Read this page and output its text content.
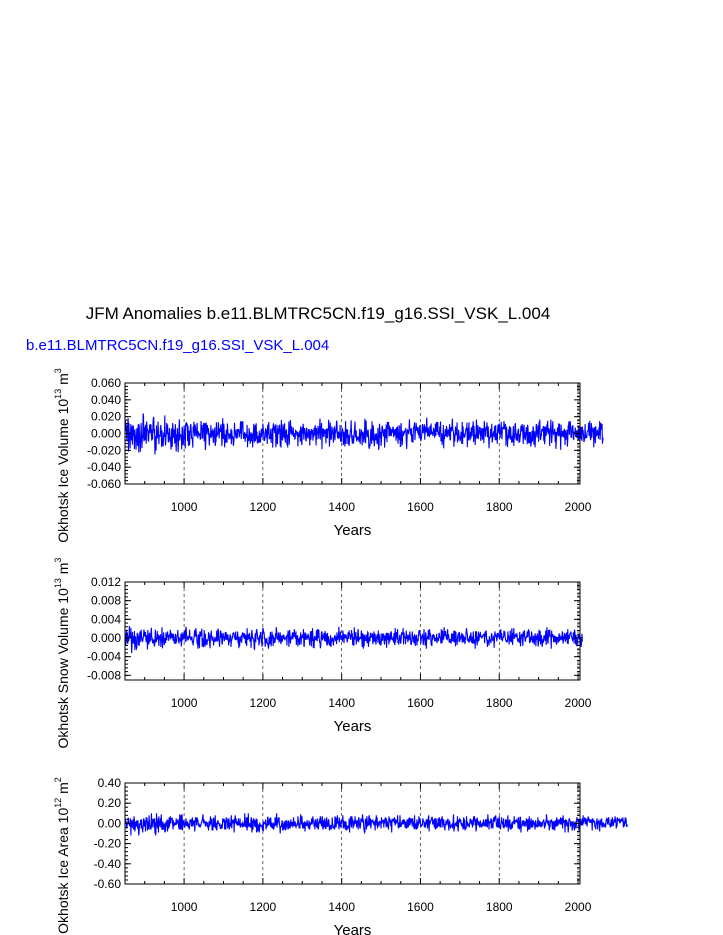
JFM Anomalies b.e11.BLMTRC5CN.f19_g16.SSI_VSK_L.004
b.e11.BLMTRC5CN.f19_g16.SSI_VSK_L.004
1000	1200	1400	1600	1800	2000
0.060
0.040
0.020
0.000
-0.020
-0.040
-0.060
Years
Okhotsk Ice Volume $10^{13}$ $m^3$
1000	1200	1400	1600	1800	2000
0.012
0.008
0.004
0.000
-0.004
-0.008
Years
Okhotsk Snow Volume $10^{13}$ $m^3$
1000	1200	1400	1600	1800	2000
0.40
0.20
0.00
-0.20
-0.40
-0.60
Years
Okhotsk Ice Area $10^{12}$ $m^2$
